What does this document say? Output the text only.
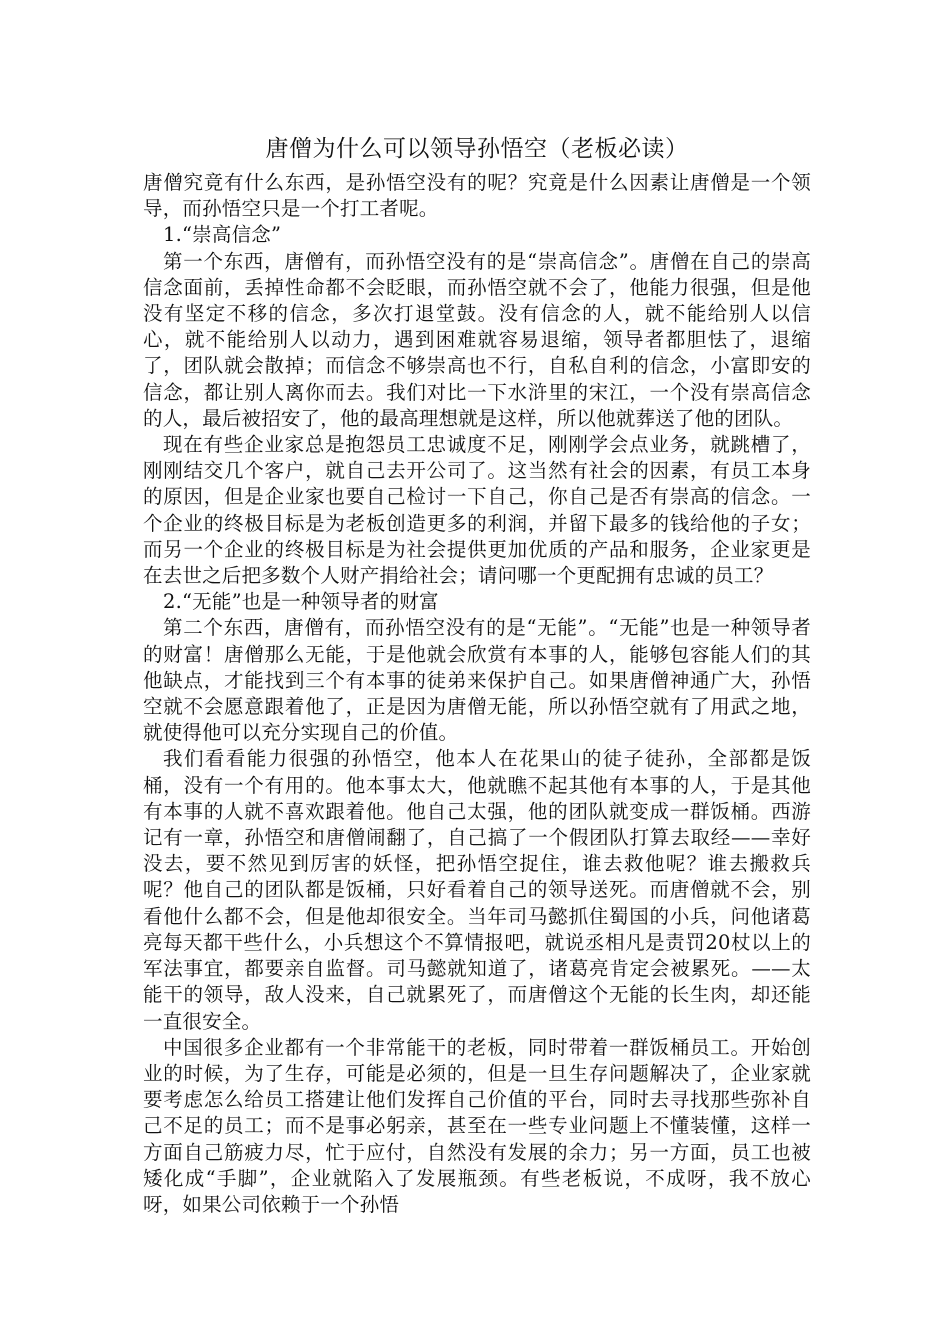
唐僧为什么可以领导孙悟空（老板必读）

唐僧究竟有什么东西，是孙悟空没有的呢？究竟是什么因素让唐僧是一个领导，而孙悟空只是一个打工者呢。

1.“崇高信念”

第一个东西，唐僧有，而孙悟空没有的是“崇高信念”。唐僧在自己的崇高信念面前，丢掉性命都不会眨眼，而孙悟空就不会了，他能力很强，但是他没有坚定不移的信念，多次打退堂鼓。没有信念的人，就不能给别人以信心，就不能给别人以动力，遇到困难就容易退缩，领导者都胆怯了，退缩了，团队就会散掉；而信念不够崇高也不行，自私自利的信念，小富即安的信念，都让别人离你而去。我们对比一下水浒里的宋江，一个没有崇高信念的人，最后被招安了，他的最高理想就是这样，所以他就葬送了他的团队。

现在有些企业家总是抱怨员工忠诚度不足，刚刚学会点业务，就跳槽了，刚刚结交几个客户，就自己去开公司了。这当然有社会的因素，有员工本身的原因，但是企业家也要自己检讨一下自己，你自己是否有崇高的信念。一个企业的终极目标是为老板创造更多的利润，并留下最多的钱给他的子女；而另一个企业的终极目标是为社会提供更加优质的产品和服务，企业家更是在去世之后把多数个人财产捐给社会；请问哪一个更配拥有忠诚的员工？

2.“无能”也是一种领导者的财富

第二个东西，唐僧有，而孙悟空没有的是“无能”。“无能”也是一种领导者的财富！唐僧那么无能，于是他就会欣赏有本事的人，能够包容能人们的其他缺点，才能找到三个有本事的徒弟来保护自己。如果唐僧神通广大，孙悟空就不会愿意跟着他了，正是因为唐僧无能，所以孙悟空就有了用武之地，就使得他可以充分实现自己的价值。

我们看看能力很强的孙悟空，他本人在花果山的徒子徒孙，全部都是饭桶，没有一个有用的。他本事太大，他就瞧不起其他有本事的人，于是其他有本事的人就不喜欢跟着他。他自己太强，他的团队就变成一群饭桶。西游记有一章，孙悟空和唐僧闹翻了，自己搞了一个假团队打算去取经——幸好没去，要不然见到厉害的妖怪，把孙悟空捉住，谁去救他呢？谁去搬救兵呢？他自己的团队都是饭桶，只好看着自己的领导送死。而唐僧就不会，别看他什么都不会，但是他却很安全。当年司马懿抓住蜀国的小兵，问他诸葛亮每天都干些什么，小兵想这个不算情报吧，就说丞相凡是责罚20杖以上的军法事宜，都要亲自监督。司马懿就知道了，诸葛亮肯定会被累死。——太能干的领导，敌人没来，自己就累死了，而唐僧这个无能的长生肉，却还能一直很安全。

中国很多企业都有一个非常能干的老板，同时带着一群饭桶员工。开始创业的时候，为了生存，可能是必须的，但是一旦生存问题解决了，企业家就要考虑怎么给员工搭建让他们发挥自己价值的平台，同时去寻找那些弥补自己不足的员工；而不是事必躬亲，甚至在一些专业问题上不懂装懂，这样一方面自己筋疲力尽，忙于应付，自然没有发展的余力；另一方面，员工也被矮化成“手脚”，企业就陷入了发展瓶颈。有些老板说，不成呀，我不放心呀，如果公司依赖于一个孙悟
